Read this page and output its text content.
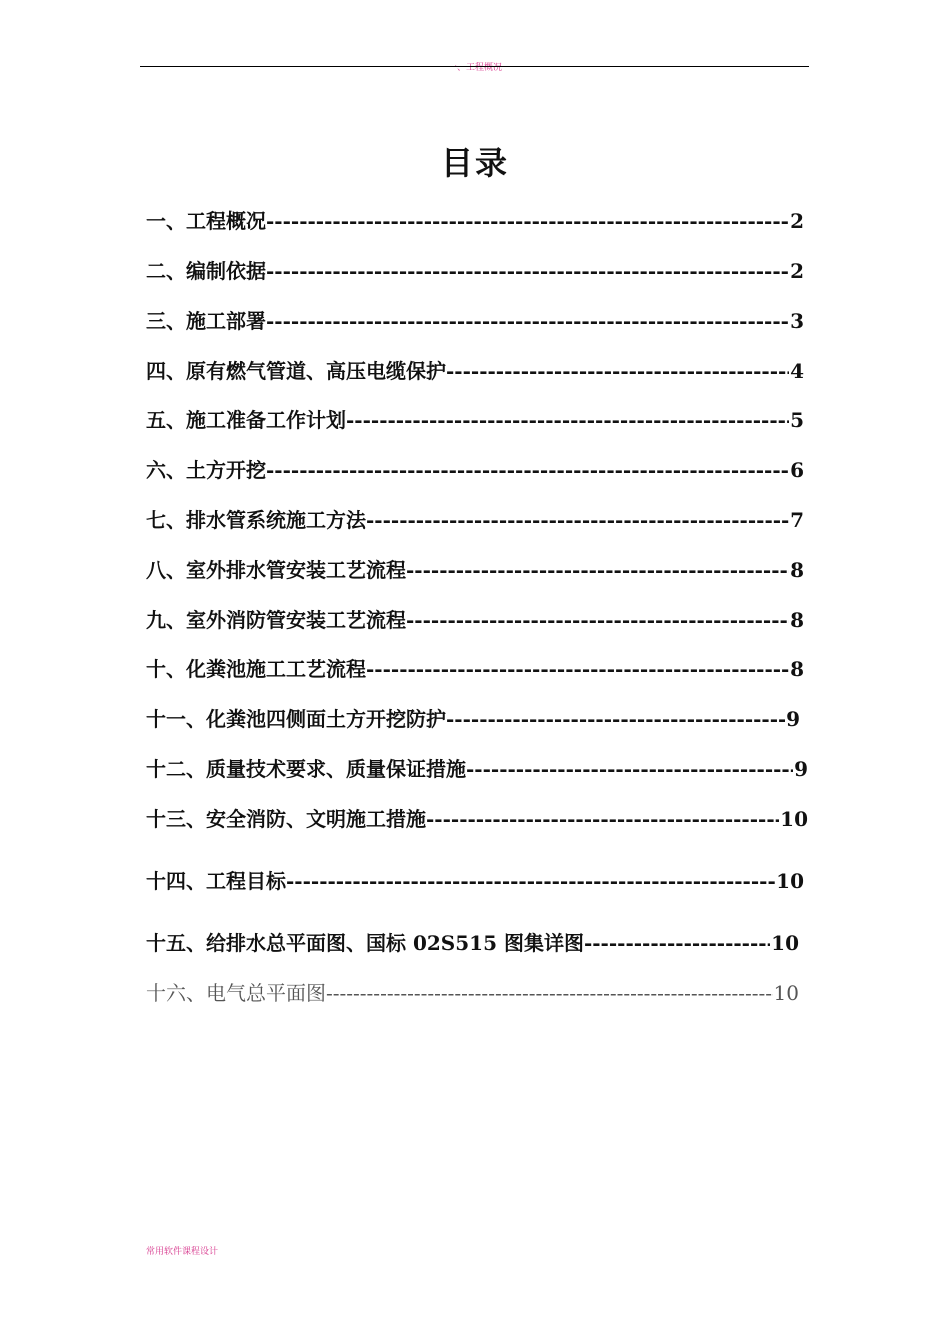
一、工程概况
目录
一、 工程概况 -----	2
二、 编制依据 -----	2
三、 施工部署 -----	3
四、 原有燃气管道、高压电缆保护 -----	4
五、 施工准备工作计划 -----	5
六、 土方开挖 -----	6
七、 排水管系统施工方法 -----	7
八、 室外排水管安装工艺流程 -----	8
九、 室外消防管安装工艺流程 -----	8
十、 化粪池施工工艺流程 -----	8
十一、 化粪池四侧面土方开挖防护 -----	9
十二、 质量技术要求、质量保证措施 -----	9
十三、 安全消防、文明施工措施 -----	10
十四、 工程目标 -----	10
十五、 给排水总平面图、国标 02S515 图集详图 -----	10
十六、 电气总平面图 -----	10
常用软件课程设计
